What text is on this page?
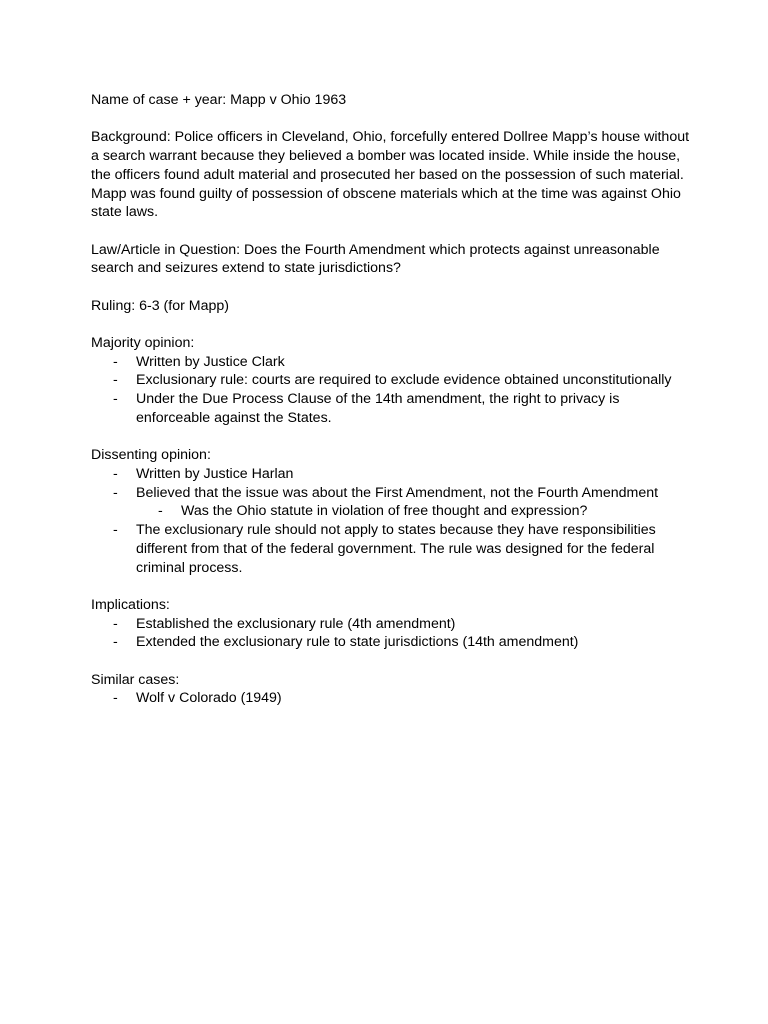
Name of case + year: Mapp v Ohio 1963

Background: Police officers in Cleveland, Ohio, forcefully entered Dollree Mapp’s house without a search warrant because they believed a bomber was located inside. While inside the house, the officers found adult material and prosecuted her based on the possession of such material. Mapp was found guilty of possession of obscene materials which at the time was against Ohio state laws.

Law/Article in Question: Does the Fourth Amendment which protects against unreasonable search and seizures extend to state jurisdictions?

Ruling: 6-3 (for Mapp)

Majority opinion:

- Written by Justice Clark
- Exclusionary rule: courts are required to exclude evidence obtained unconstitutionally
- Under the Due Process Clause of the 14th amendment, the right to privacy is enforceable against the States.

Dissenting opinion:

- Written by Justice Harlan
- Believed that the issue was about the First Amendment, not the Fourth Amendment
- Was the Ohio statute in violation of free thought and expression?
- The exclusionary rule should not apply to states because they have responsibilities different from that of the federal government. The rule was designed for the federal criminal process.

Implications:

- Established the exclusionary rule (4th amendment)
- Extended the exclusionary rule to state jurisdictions (14th amendment)

Similar cases:

- Wolf v Colorado (1949)
